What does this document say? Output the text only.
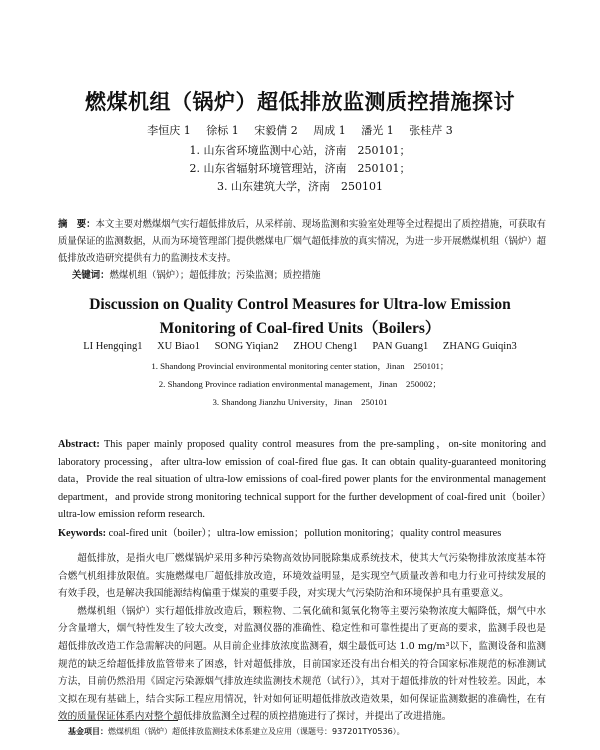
燃煤机组（锅炉）超低排放监测质控措施探讨
李恒庆 1 徐标 1 宋毅倩 2 周成 1 潘光 1 张桂芹 3
1. 山东省环境监测中心站，济南　250101；
2. 山东省辐射环境管理站，济南　250101；
3. 山东建筑大学，济南　250101
摘　要：本文主要对燃煤烟气实行超低排放后，从采样前、现场监测和实验室处理等全过程提出了质控措施，可获取有质量保证的监测数据，从而为环境管理部门提供燃煤电厂烟气超低排放的真实情况，为进一步开展燃煤机组（锅炉）超低排放改造研究提供有力的监测技术支持。
关键词：燃煤机组（锅炉）；超低排放；污染监测；质控措施
Discussion on Quality Control Measures for Ultra-low Emission
Monitoring of Coal-fired Units（Boilers）
LI Hengqing1 XU Biao1 SONG Yiqian2 ZHOU Cheng1 PAN Guang1 ZHANG Guiqin3
1. Shandong Provincial environmental monitoring center station，Jinan　250101；
2. Shandong Province radiation environmental management，Jinan　250002；
3. Shandong Jianzhu University，Jinan　250101
Abstract: This paper mainly proposed quality control measures from the pre-sampling，on-site monitoring and laboratory processing，after ultra-low emission of coal-fired flue gas. It can obtain quality-guaranteed monitoring data，Provide the real situation of ultra-low emissions of coal-fired power plants for the environmental management department，and provide strong monitoring technical support for the further development of coal-fired unit（boiler）ultra-low emission reform research.
Keywords: coal-fired unit（boiler）；ultra-low emission；pollution monitoring；quality control measures

超低排放，是指火电厂燃煤锅炉采用多种污染物高效协同脱除集成系统技术，使其大气污染物排放浓度基本符合燃气机组排放限值。实施燃煤电厂超低排放改造，环境效益明显，是实现空气质量改善和电力行业可持续发展的有效手段，也是解决我国能源结构偏重于煤炭的重要手段，对实现大气污染防治和环境保护具有重要意义。

燃煤机组（锅炉）实行超低排放改造后，颗粒物、二氧化硫和氮氧化物等主要污染物浓度大幅降低，烟气中水分含量增大，烟气特性发生了较大改变，对监测仪器的准确性、稳定性和可靠性提出了更高的要求，监测手段也是超低排放改造工作急需解决的问题。从目前企业排放浓度监测看，烟尘最低可达 1.0 mg/m³以下，监测设备和监测规范的缺乏给超低排放监管带来了困惑，针对超低排放，目前国家还没有出台相关的符合国家标准规范的标准测试方法，目前仍然沿用《固定污染源烟气排放连续监测技术规范（试行）》，其对于超低排放的针对性较差。因此，本文拟在现有基础上，结合实际工程应用情况，针对如何证明超低排放改造效果，如何保证监测数据的准确性，在有效的质量保证体系内对整个超低排放监测全过程的质控措施进行了探讨，并提出了改进措施。

基金项目：燃煤机组（锅炉）超低排放监测技术体系建立及应用（课题号：937201TY0536）。
